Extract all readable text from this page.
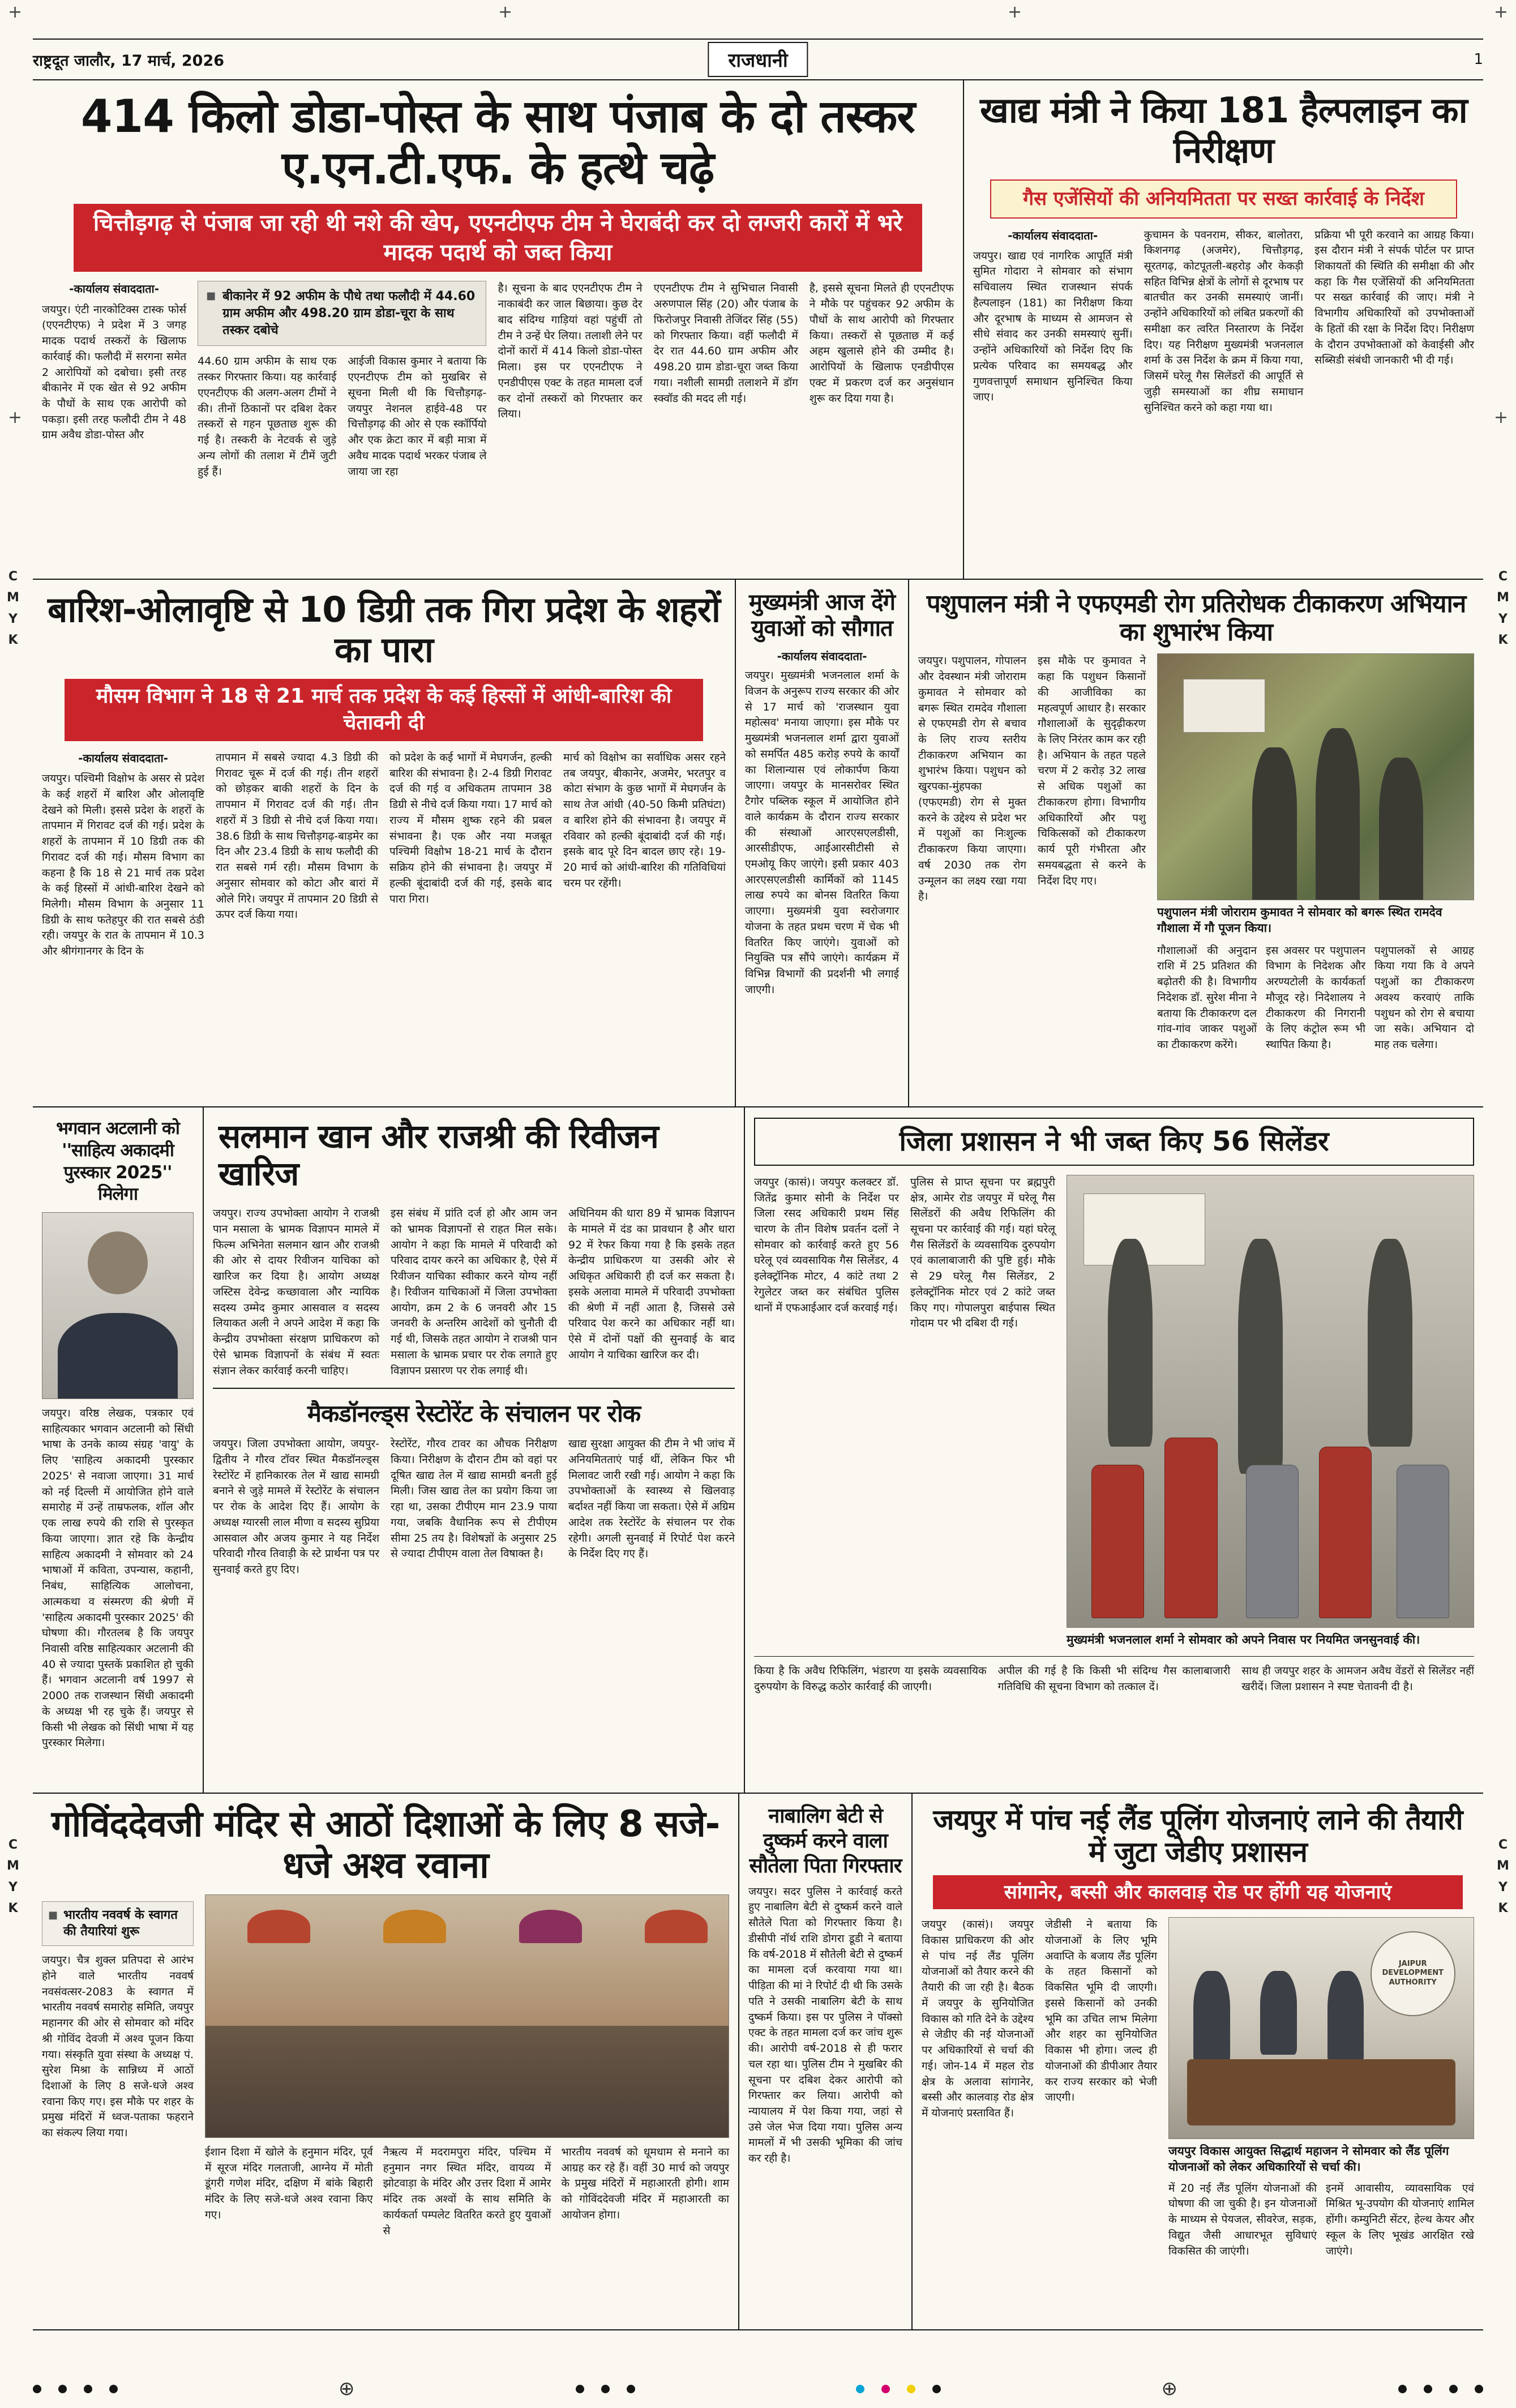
+	+	+	+
+	+
C
M
Y
K
C
M
Y
K
C
M
Y
K
C
M
Y
K
राष्ट्रदूत जालौर, 17 मार्च, 2026	राजधानी	1
414 किलो डोडा-पोस्त के साथ पंजाब के दो तस्कर ए.एन.टी.एफ. के हत्थे चढ़े
चित्तौड़गढ़ से पंजाब जा रही थी नशे की खेप, एएनटीएफ टीम ने घेराबंदी कर दो लग्जरी कारों में भरे मादक पदार्थ को जब्त किया
-कार्यालय संवाददाता-
जयपुर। एंटी नारकोटिक्स टास्क फोर्स (एएनटीएफ) ने प्रदेश में 3 जगह मादक पदार्थ तस्करों के खिलाफ कार्रवाई की। फलौदी में सरगना समेत 2 आरोपियों को दबोचा। इसी तरह बीकानेर में एक खेत से 92 अफीम के पौधों के साथ एक आरोपी को पकड़ा। इसी तरह फलौदी टीम ने 48 ग्राम अवैध डोडा-पोस्त और
■ बीकानेर में 92 अफीम के पौधे तथा फलौदी में 44.60 ग्राम अफीम और 498.20 ग्राम डोडा-चूरा के साथ तस्कर दबोचे
44.60 ग्राम अफीम के साथ एक तस्कर गिरफ्तार किया। यह कार्रवाई एएनटीएफ की अलग-अलग टीमों ने की। तीनों ठिकानों पर दबिश देकर तस्करों से गहन पूछताछ शुरू की गई है। तस्करी के नेटवर्क से जुड़े अन्य लोगों की तलाश में टीमें जुटी हुई हैं।
आईजी विकास कुमार ने बताया कि एएनटीएफ टीम को मुखबिर से सूचना मिली थी कि चित्तौड़गढ़-जयपुर नेशनल हाईवे-48 पर चित्तौड़गढ़ की ओर से एक स्कॉर्पियो और एक क्रेटा कार में बड़ी मात्रा में अवैध मादक पदार्थ भरकर पंजाब ले जाया जा रहा
है। सूचना के बाद एएनटीएफ टीम ने नाकाबंदी कर जाल बिछाया। कुछ देर बाद संदिग्ध गाड़ियां वहां पहुंचीं तो टीम ने उन्हें घेर लिया। तलाशी लेने पर दोनों कारों में 414 किलो डोडा-पोस्त मिला। इस पर एएनटीएफ ने एनडीपीएस एक्ट के तहत मामला दर्ज कर दोनों तस्करों को गिरफ्तार कर लिया।
एएनटीएफ टीम ने सुभिचाल निवासी अरुणपाल सिंह (20) और पंजाब के फिरोजपुर निवासी तेजिंदर सिंह (55) को गिरफ्तार किया। वहीं फलौदी में देर रात 44.60 ग्राम अफीम और 498.20 ग्राम डोडा-चूरा जब्त किया गया। नशीली सामग्री तलाशने में डॉग स्क्वॉड की मदद ली गई।
है, इससे सूचना मिलते ही एएनटीएफ ने मौके पर पहुंचकर 92 अफीम के पौधों के साथ आरोपी को गिरफ्तार किया। तस्करों से पूछताछ में कई अहम खुलासे होने की उम्मीद है। आरोपियों के खिलाफ एनडीपीएस एक्ट में प्रकरण दर्ज कर अनुसंधान शुरू कर दिया गया है।
खाद्य मंत्री ने किया 181 हैल्पलाइन का निरीक्षण
गैस एजेंसियों की अनियमितता पर सख्त कार्रवाई के निर्देश
-कार्यालय संवाददाता-
जयपुर। खाद्य एवं नागरिक आपूर्ति मंत्री सुमित गोदारा ने सोमवार को संभाग सचिवालय स्थित राजस्थान संपर्क हैल्पलाइन (181) का निरीक्षण किया और दूरभाष के माध्यम से आमजन से सीधे संवाद कर उनकी समस्याएं सुनीं। उन्होंने अधिकारियों को निर्देश दिए कि प्रत्येक परिवाद का समयबद्ध और गुणवत्तापूर्ण समाधान सुनिश्चित किया जाए।
कुचामन के पवनराम, सीकर, बालोतरा, किशनगढ़ (अजमेर), चित्तौड़गढ़, सूरतगढ़, कोटपूतली-बहरोड़ और केकड़ी सहित विभिन्न क्षेत्रों के लोगों से दूरभाष पर बातचीत कर उनकी समस्याएं जानीं। उन्होंने अधिकारियों को लंबित प्रकरणों की समीक्षा कर त्वरित निस्तारण के निर्देश दिए। यह निरीक्षण मुख्यमंत्री भजनलाल शर्मा के उस निर्देश के क्रम में किया गया, जिसमें घरेलू गैस सिलेंडरों की आपूर्ति से जुड़ी समस्याओं का शीघ्र समाधान सुनिश्चित करने को कहा गया था।
प्रक्रिया भी पूरी करवाने का आग्रह किया। इस दौरान मंत्री ने संपर्क पोर्टल पर प्राप्त शिकायतों की स्थिति की समीक्षा की और कहा कि गैस एजेंसियों की अनियमितता पर सख्त कार्रवाई की जाए। मंत्री ने विभागीय अधिकारियों को उपभोक्ताओं के हितों की रक्षा के निर्देश दिए। निरीक्षण के दौरान उपभोक्ताओं को केवाईसी और सब्सिडी संबंधी जानकारी भी दी गई।
बारिश-ओलावृष्टि से 10 डिग्री तक गिरा प्रदेश के शहरों का पारा
मौसम विभाग ने 18 से 21 मार्च तक प्रदेश के कई हिस्सों में आंधी-बारिश की चेतावनी दी
-कार्यालय संवाददाता-
जयपुर। पश्चिमी विक्षोभ के असर से प्रदेश के कई शहरों में बारिश और ओलावृष्टि देखने को मिली। इससे प्रदेश के शहरों के तापमान में गिरावट दर्ज की गई। प्रदेश के शहरों के तापमान में 10 डिग्री तक की गिरावट दर्ज की गई। मौसम विभाग का कहना है कि 18 से 21 मार्च तक प्रदेश के कई हिस्सों में आंधी-बारिश देखने को मिलेगी। मौसम विभाग के अनुसार 11 डिग्री के साथ फतेहपुर की रात सबसे ठंडी रही। जयपुर के रात के तापमान में 10.3 और श्रीगंगानगर के दिन के
तापमान में सबसे ज्यादा 4.3 डिग्री की गिरावट चूरू में दर्ज की गई। तीन शहरों को छोड़कर बाकी शहरों के दिन के तापमान में गिरावट दर्ज की गई। तीन शहरों में 3 डिग्री से नीचे दर्ज किया गया। 38.6 डिग्री के साथ चित्तौड़गढ़-बाड़मेर का दिन और 23.4 डिग्री के साथ फलौदी की रात सबसे गर्म रही। मौसम विभाग के अनुसार सोमवार को कोटा और बारां में ओले गिरे। जयपुर में तापमान 20 डिग्री से ऊपर दर्ज किया गया।
को प्रदेश के कई भागों में मेघगर्जन, हल्की बारिश की संभावना है। 2-4 डिग्री गिरावट दर्ज की गई व अधिकतम तापमान 38 डिग्री से नीचे दर्ज किया गया। 17 मार्च को राज्य में मौसम शुष्क रहने की प्रबल संभावना है। एक और नया मजबूत पश्चिमी विक्षोभ 18-21 मार्च के दौरान सक्रिय होने की संभावना है। जयपुर में हल्की बूंदाबांदी दर्ज की गई, इसके बाद पारा गिरा।
मार्च को विक्षोभ का सर्वाधिक असर रहने तब जयपुर, बीकानेर, अजमेर, भरतपुर व कोटा संभाग के कुछ भागों में मेघगर्जन के साथ तेज आंधी (40-50 किमी प्रतिघंटा) व बारिश होने की संभावना है। जयपुर में रविवार को हल्की बूंदाबांदी दर्ज की गई। इसके बाद पूरे दिन बादल छाए रहे। 19-20 मार्च को आंधी-बारिश की गतिविधियां चरम पर रहेंगी।
मुख्यमंत्री आज देंगे युवाओं को सौगात
-कार्यालय संवाददाता-
जयपुर। मुख्यमंत्री भजनलाल शर्मा के विजन के अनुरूप राज्य सरकार की ओर से 17 मार्च को 'राजस्थान युवा महोत्सव' मनाया जाएगा। इस मौके पर मुख्यमंत्री भजनलाल शर्मा द्वारा युवाओं को समर्पित 485 करोड़ रुपये के कार्यों का शिलान्यास एवं लोकार्पण किया जाएगा। जयपुर के मानसरोवर स्थित टैगोर पब्लिक स्कूल में आयोजित होने वाले कार्यक्रम के दौरान राज्य सरकार की संस्थाओं आरएसएलडीसी, आरसीडीएफ, आईआरसीटीसी से एमओयू किए जाएंगे। इसी प्रकार 403 आरएसएलडीसी कार्मिकों को 1145 लाख रुपये का बोनस वितरित किया जाएगा। मुख्यमंत्री युवा स्वरोजगार योजना के तहत प्रथम चरण में चेक भी वितरित किए जाएंगे। युवाओं को नियुक्ति पत्र सौंपे जाएंगे। कार्यक्रम में विभिन्न विभागों की प्रदर्शनी भी लगाई जाएगी।
पशुपालन मंत्री ने एफएमडी रोग प्रतिरोधक टीकाकरण अभियान का शुभारंभ किया
जयपुर। पशुपालन, गोपालन और देवस्थान मंत्री जोराराम कुमावत ने सोमवार को बगरू स्थित रामदेव गौशाला से एफएमडी रोग से बचाव के लिए राज्य स्तरीय टीकाकरण अभियान का शुभारंभ किया। पशुधन को खुरपका-मुंहपका (एफएमडी) रोग से मुक्त करने के उद्देश्य से प्रदेश भर में पशुओं का निःशुल्क टीकाकरण किया जाएगा। वर्ष 2030 तक रोग उन्मूलन का लक्ष्य रखा गया है।
इस मौके पर कुमावत ने कहा कि पशुधन किसानों की आजीविका का महत्वपूर्ण आधार है। सरकार गौशालाओं के सुदृढ़ीकरण के लिए निरंतर काम कर रही है। अभियान के तहत पहले चरण में 2 करोड़ 32 लाख से अधिक पशुओं का टीकाकरण होगा। विभागीय अधिकारियों और पशु चिकित्सकों को टीकाकरण कार्य पूरी गंभीरता और समयबद्धता से करने के निर्देश दिए गए।
पशुपालन मंत्री जोराराम कुमावत ने सोमवार को बगरू स्थित रामदेव गौशाला में गौ पूजन किया।
गौशालाओं की अनुदान राशि में 25 प्रतिशत की बढ़ोतरी की है। विभागीय निदेशक डॉ. सुरेश मीना ने बताया कि टीकाकरण दल गांव-गांव जाकर पशुओं का टीकाकरण करेंगे।
इस अवसर पर पशुपालन विभाग के निदेशक और अरण्यटोली के कार्यकर्ता मौजूद रहे। निदेशालय ने टीकाकरण की निगरानी के लिए कंट्रोल रूम भी स्थापित किया है।
पशुपालकों से आग्रह किया गया कि वे अपने पशुओं का टीकाकरण अवश्य करवाएं ताकि पशुधन को रोग से बचाया जा सके। अभियान दो माह तक चलेगा।
भगवान अटलानी को ''साहित्य अकादमी पुरस्कार 2025'' मिलेगा
जयपुर। वरिष्ठ लेखक, पत्रकार एवं साहित्यकार भगवान अटलानी को सिंधी भाषा के उनके काव्य संग्रह 'वायु' के लिए 'साहित्य अकादमी पुरस्कार 2025' से नवाजा जाएगा। 31 मार्च को नई दिल्ली में आयोजित होने वाले समारोह में उन्हें ताम्रफलक, शॉल और एक लाख रुपये की राशि से पुरस्कृत किया जाएगा। ज्ञात रहे कि केन्द्रीय साहित्य अकादमी ने सोमवार को 24 भाषाओं में कविता, उपन्यास, कहानी, निबंध, साहित्यिक आलोचना, आत्मकथा व संस्मरण की श्रेणी में 'साहित्य अकादमी पुरस्कार 2025' की घोषणा की। गौरतलब है कि जयपुर निवासी वरिष्ठ साहित्यकार अटलानी की 40 से ज्यादा पुस्तकें प्रकाशित हो चुकी हैं। भगवान अटलानी वर्ष 1997 से 2000 तक राजस्थान सिंधी अकादमी के अध्यक्ष भी रह चुके हैं। जयपुर से किसी भी लेखक को सिंधी भाषा में यह पुरस्कार मिलेगा।
सलमान खान और राजश्री की रिवीजन खारिज
जयपुर। राज्य उपभोक्ता आयोग ने राजश्री पान मसाला के भ्रामक विज्ञापन मामले में फिल्म अभिनेता सलमान खान और राजश्री की ओर से दायर रिवीजन याचिका को खारिज कर दिया है। आयोग अध्यक्ष जस्टिस देवेन्द्र कच्छावाला और न्यायिक सदस्य उम्मेद कुमार आसवाल व सदस्य लियाकत अली ने अपने आदेश में कहा कि केन्द्रीय उपभोक्ता संरक्षण प्राधिकरण को ऐसे भ्रामक विज्ञापनों के संबंध में स्वतः संज्ञान लेकर कार्रवाई करनी चाहिए।
इस संबंध में प्रांति दर्ज हो और आम जन को भ्रामक विज्ञापनों से राहत मिल सके। आयोग ने कहा कि मामले में परिवादी को परिवाद दायर करने का अधिकार है, ऐसे में रिवीजन याचिका स्वीकार करने योग्य नहीं है। रिवीजन याचिकाओं में जिला उपभोक्ता आयोग, क्रम 2 के 6 जनवरी और 15 जनवरी के अन्तरिम आदेशों को चुनौती दी गई थी, जिसके तहत आयोग ने राजश्री पान मसाला के भ्रामक प्रचार पर रोक लगाते हुए विज्ञापन प्रसारण पर रोक लगाई थी।
अधिनियम की धारा 89 में भ्रामक विज्ञापन के मामले में दंड का प्रावधान है और धारा 92 में रेफर किया गया है कि इसके तहत केन्द्रीय प्राधिकरण या उसकी ओर से अधिकृत अधिकारी ही दर्ज कर सकता है। इसके अलावा मामले में परिवादी उपभोक्ता की श्रेणी में नहीं आता है, जिससे उसे परिवाद पेश करने का अधिकार नहीं था। ऐसे में दोनों पक्षों की सुनवाई के बाद आयोग ने याचिका खारिज कर दी।
मैकडॉनल्ड्स रेस्टोरेंट के संचालन पर रोक
जयपुर। जिला उपभोक्ता आयोग, जयपुर-द्वितीय ने गौरव टॉवर स्थित मैकडॉनल्ड्स रेस्टोरेंट में हानिकारक तेल में खाद्य सामग्री बनाने से जुड़े मामले में रेस्टोरेंट के संचालन पर रोक के आदेश दिए हैं। आयोग के अध्यक्ष ग्यारसी लाल मीणा व सदस्य सुप्रिया आसवाल और अजय कुमार ने यह निर्देश परिवादी गौरव तिवाड़ी के स्टे प्रार्थना पत्र पर सुनवाई करते हुए दिए।
रेस्टोरेंट, गौरव टावर का औचक निरीक्षण किया। निरीक्षण के दौरान टीम को वहां पर दूषित खाद्य तेल में खाद्य सामग्री बनती हुई मिली। जिस खाद्य तेल का प्रयोग किया जा रहा था, उसका टीपीएम मान 23.9 पाया गया, जबकि वैधानिक रूप से टीपीएम सीमा 25 तय है। विशेषज्ञों के अनुसार 25 से ज्यादा टीपीएम वाला तेल विषाक्त है।
खाद्य सुरक्षा आयुक्त की टीम ने भी जांच में अनियमितताएं पाई थीं, लेकिन फिर भी मिलावट जारी रखी गई। आयोग ने कहा कि उपभोक्ताओं के स्वास्थ्य से खिलवाड़ बर्दाश्त नहीं किया जा सकता। ऐसे में अग्रिम आदेश तक रेस्टोरेंट के संचालन पर रोक रहेगी। अगली सुनवाई में रिपोर्ट पेश करने के निर्देश दिए गए हैं।
जिला प्रशासन ने भी जब्त किए 56 सिलेंडर
जयपुर (कासं)। जयपुर कलक्टर डॉ. जितेंद्र कुमार सोनी के निर्देश पर जिला रसद अधिकारी प्रथम सिंह चारण के तीन विशेष प्रवर्तन दलों ने सोमवार को कार्रवाई करते हुए 56 घरेलू एवं व्यवसायिक गैस सिलेंडर, 4 इलेक्ट्रॉनिक मोटर, 4 कांटे तथा 2 रेगुलेटर जब्त कर संबंधित पुलिस थानों में एफआईआर दर्ज करवाई गई।
पुलिस से प्राप्त सूचना पर ब्रह्मपुरी क्षेत्र, आमेर रोड जयपुर में घरेलू गैस सिलेंडरों की अवैध रिफिलिंग की सूचना पर कार्रवाई की गई। यहां घरेलू गैस सिलेंडरों के व्यवसायिक दुरुपयोग एवं कालाबाजारी की पुष्टि हुई। मौके से 29 घरेलू गैस सिलेंडर, 2 इलेक्ट्रॉनिक मोटर एवं 2 कांटे जब्त किए गए। गोपालपुरा बाईपास स्थित गोदाम पर भी दबिश दी गई।
मुख्यमंत्री भजनलाल शर्मा ने सोमवार को अपने निवास पर नियमित जनसुनवाई की।
किया है कि अवैध रिफिलिंग, भंडारण या इसके व्यवसायिक दुरुपयोग के विरुद्ध कठोर कार्रवाई की जाएगी।
अपील की गई है कि किसी भी संदिग्ध गैस कालाबाजारी गतिविधि की सूचना विभाग को तत्काल दें।
साथ ही जयपुर शहर के आमजन अवैध वेंडरों से सिलेंडर नहीं खरीदें। जिला प्रशासन ने स्पष्ट चेतावनी दी है।
गोविंददेवजी मंदिर से आठों दिशाओं के लिए 8 सजे-धजे अश्व रवाना
■ भारतीय नववर्ष के स्वागत की तैयारियां शुरू
जयपुर। चैत्र शुक्ल प्रतिपदा से आरंभ होने वाले भारतीय नववर्ष नवसंवत्सर-2083 के स्वागत में भारतीय नववर्ष समारोह समिति, जयपुर महानगर की ओर से सोमवार को मंदिर श्री गोविंद देवजी में अश्व पूजन किया गया। संस्कृति युवा संस्था के अध्यक्ष पं. सुरेश मिश्रा के सान्निध्य में आठों दिशाओं के लिए 8 सजे-धजे अश्व रवाना किए गए। इस मौके पर शहर के प्रमुख मंदिरों में ध्वज-पताका फहराने का संकल्प लिया गया।
ईशान दिशा में खोले के हनुमान मंदिर, पूर्व में सूरज मंदिर गलताजी, आग्नेय में मोती डूंगरी गणेश मंदिर, दक्षिण में बांके बिहारी मंदिर के लिए सजे-धजे अश्व रवाना किए गए।
नैऋत्य में मदरामपुरा मंदिर, पश्चिम में हनुमान नगर स्थित मंदिर, वायव्य में झोटवाड़ा के मंदिर और उत्तर दिशा में आमेर मंदिर तक अश्वों के साथ समिति के कार्यकर्ता पम्पलेट वितरित करते हुए युवाओं से
भारतीय नववर्ष को धूमधाम से मनाने का आग्रह कर रहे हैं। वहीं 30 मार्च को जयपुर के प्रमुख मंदिरों में महाआरती होगी। शाम को गोविंददेवजी मंदिर में महाआरती का आयोजन होगा।
नाबालिग बेटी से दुष्कर्म करने वाला सौतेला पिता गिरफ्तार
जयपुर। सदर पुलिस ने कार्रवाई करते हुए नाबालिग बेटी से दुष्कर्म करने वाले सौतेले पिता को गिरफ्तार किया है। डीसीपी नॉर्थ राशि डोगरा डूडी ने बताया कि वर्ष-2018 में सौतेली बेटी से दुष्कर्म का मामला दर्ज करवाया गया था। पीड़िता की मां ने रिपोर्ट दी थी कि उसके पति ने उसकी नाबालिग बेटी के साथ दुष्कर्म किया। इस पर पुलिस ने पॉक्सो एक्ट के तहत मामला दर्ज कर जांच शुरू की। आरोपी वर्ष-2018 से ही फरार चल रहा था। पुलिस टीम ने मुखबिर की सूचना पर दबिश देकर आरोपी को गिरफ्तार कर लिया। आरोपी को न्यायालय में पेश किया गया, जहां से उसे जेल भेज दिया गया। पुलिस अन्य मामलों में भी उसकी भूमिका की जांच कर रही है।
जयपुर में पांच नई लैंड पूलिंग योजनाएं लाने की तैयारी में जुटा जेडीए प्रशासन
सांगानेर, बस्सी और कालवाड़ रोड पर होंगी यह योजनाएं
जयपुर (कासं)। जयपुर विकास प्राधिकरण की ओर से पांच नई लैंड पूलिंग योजनाओं को तैयार करने की तैयारी की जा रही है। बैठक में जयपुर के सुनियोजित विकास को गति देने के उद्देश्य से जेडीए की नई योजनाओं पर अधिकारियों से चर्चा की गई। जोन-14 में महल रोड क्षेत्र के अलावा सांगानेर, बस्सी और कालवाड़ रोड क्षेत्र में योजनाएं प्रस्तावित हैं।
जेडीसी ने बताया कि योजनाओं के लिए भूमि अवाप्ति के बजाय लैंड पूलिंग के तहत किसानों को विकसित भूमि दी जाएगी। इससे किसानों को उनकी भूमि का उचित लाभ मिलेगा और शहर का सुनियोजित विकास भी होगा। जल्द ही योजनाओं की डीपीआर तैयार कर राज्य सरकार को भेजी जाएगी।
JAIPUR DEVELOPMENT AUTHORITY
जयपुर विकास आयुक्त सिद्धार्थ महाजन ने सोमवार को लैंड पूलिंग योजनाओं को लेकर अधिकारियों से चर्चा की।
में 20 नई लैंड पूलिंग योजनाओं की घोषणा की जा चुकी है। इन योजनाओं के माध्यम से पेयजल, सीवरेज, सड़क, विद्युत जैसी आधारभूत सुविधाएं विकसित की जाएंगी।
इनमें आवासीय, व्यावसायिक एवं मिश्रित भू-उपयोग की योजनाएं शामिल होंगी। कम्युनिटी सेंटर, हेल्थ केयर और स्कूल के लिए भूखंड आरक्षित रखे जाएंगे।
⊕	⊕
